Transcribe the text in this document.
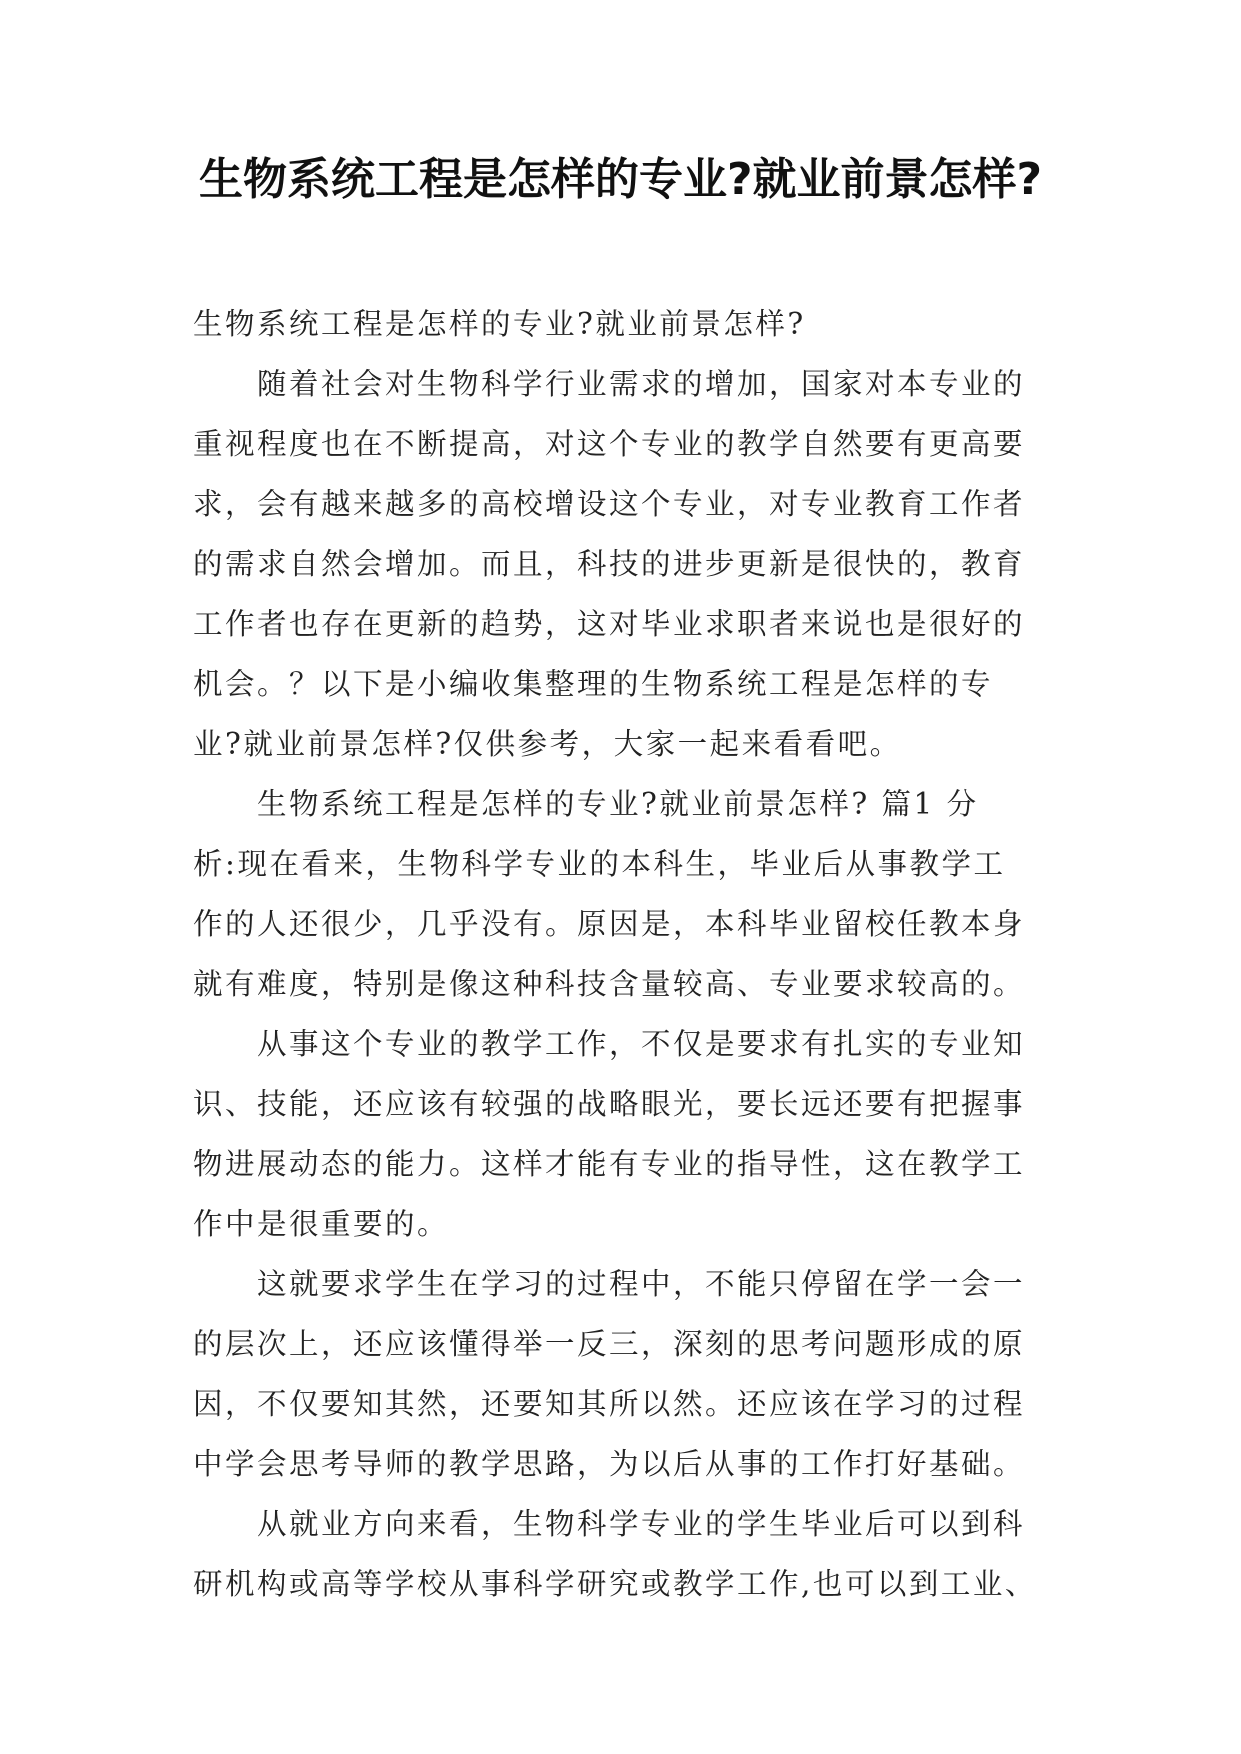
生物系统工程是怎样的专业?就业前景怎样?
生物系统工程是怎样的专业?就业前景怎样?
随着社会对生物科学行业需求的增加，国家对本专业的
重视程度也在不断提高，对这个专业的教学自然要有更高要
求，会有越来越多的高校增设这个专业，对专业教育工作者
的需求自然会增加。而且，科技的进步更新是很快的，教育
工作者也存在更新的趋势，这对毕业求职者来说也是很好的
机会。？以下是小编收集整理的生物系统工程是怎样的专
业?就业前景怎样?仅供参考，大家一起来看看吧。
生物系统工程是怎样的专业?就业前景怎样? 篇1 分
析:现在看来，生物科学专业的本科生，毕业后从事教学工
作的人还很少，几乎没有。原因是，本科毕业留校任教本身
就有难度，特别是像这种科技含量较高、专业要求较高的。
从事这个专业的教学工作，不仅是要求有扎实的专业知
识、技能，还应该有较强的战略眼光，要长远还要有把握事
物进展动态的能力。这样才能有专业的指导性，这在教学工
作中是很重要的。
这就要求学生在学习的过程中，不能只停留在学一会一
的层次上，还应该懂得举一反三，深刻的思考问题形成的原
因，不仅要知其然，还要知其所以然。还应该在学习的过程
中学会思考导师的教学思路，为以后从事的工作打好基础。
从就业方向来看，生物科学专业的学生毕业后可以到科
研机构或高等学校从事科学研究或教学工作,也可以到工业、
